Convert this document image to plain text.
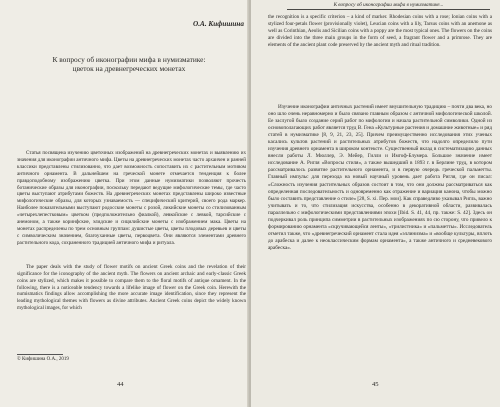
О.А. Кифишина
К вопросу об иконографии мифа в нумизматике:
цветок на древнегреческих монетах

Статья посвящена изучению цветочных изображений на древнегреческих монетах и выявлению их значения для иконографии античного мифа. Цветы на древнегреческих монетах часто архаичен и ранней классики представлены стилизованно, что дает возможность сопоставить их с растительным мотивом античного орнамента. В дальнейшем на греческой монете отмечается тенденция к более правдоподобному изображению цветка. При этом данные нумизматики позволяют прочесть ботанические образы для иконографии, поскольку передают ведущие мифологические темы, где часто цветы выступают атрибутами божеств. На древнегреческих монетах представлены широко известные мифологические образы, для которых узнаваемость — специфический критерий, своего рода маркер. Наиболее показательными выступают родосские монеты с розой, ликийские монеты со стилизованным «четырехлепестковым» цветком (предположительно фиалкой), левкойские с левкой, тарсийские с анемоном, а также коринфские, элидские и сицилийские монеты с изображением мака. Цветы на монетах распределены по трем основным группам: душистые цветы, цветы плодовых деревьев и цветы с символическим значением, благоуханные цветы, первоцвета. Они являются элементами древнего растительного кода, сохраненного традицией античного мифа и ритуала.

The paper deals with the study of flower motifs on ancient Greek coins and the revelation of their significance for the iconography of the ancient myth. The flowers on ancient archaic and early-classic Greek coins are stylized, which makes it possible to compare them to the floral motifs of antique ornament. In the following, there is a noticeable tendency towards a lifelike image of flower on the Greek coin. Herewith the numismatics findings allow accomplishing the more accurate image identification, since they represent the leading mythological themes with flowers as divine attributes. Ancient Greek coins depict the widely known mythological images, for which

© Кифишина О.А., 2019
44
К вопросу об иконографии мифа в нумизматике...

the recognition is a specific criterion – a kind of marker. Rhodesian coins with a rose; Ionian coins with a stylized four-petals flower (provisionally violet), Leucian coins with a lily, Tarsus coins with an anemone as well as Corinthian, Aeolis and Sicilian coins with a poppy are the most typical ones. The flowers on the coins are divided into the three main groups in the form of seed, a fragrant flower and a primrose. They are elements of the ancient plant code preserved by the ancient myth and ritual tradition.

Изучение иконографии античных растений имеет внушительную традицию – почти два века, но оно шло очень неравномерно и было связано главным образом с античной мифологической школой. Ее заслугой было создание серий работ по мифологии и начала растительной символики. Одной из основополагающих работ является труд В. Гена «Культурные растения и домашние животные» и ряд статей в нумизматике [8, 9, 21, 23, 25]. Причем преимущественно исследования этих ученых касались культов растений и растительных атрибутов божеств, что надолго определило пути изучения древнего орнамента в широком контексте. Существенный вклад в систематизацию данных внесли работы Л. Мюллер, Э. Мейер, Гилли и Имгоф-Блумера. Большое значение имеет исследование А. Ригля «Вопросы стиля», а также вышедший в 1893 г. в Берлине труд, в котором рассматривалось развитие растительного орнамента, и в первую очередь греческой пальметты. Главный импульс для перехода на новый научный уровень дает работа Ригля, где он писал: «Сложность изучения растительных образов состоит в том, что они должны рассматриваться как определенная последовательность и одновременно как отражение и вариация канона, чтобы можно было составить представление о стиле» [28, S. xi. Пер. мои]. Как справедливо указывал Ригль, важно учитывать и то, что стилизация искусства, особенно в декоративной области, развивалась параллельно с мифологическими представлениями эпохи [Ibid. S. 41, 44, пр. также: S. 42]. Здесь он подчеркивал роль принципа симметрии в растительных изображениях по сю сторону, что привело к формированию орнамента «скручивающейся ленты», «трилистника» и «пальметты». Исследователь отметил также, что «древнегреческий орнамент стала идея «эллинизма» и «вообще культуры, вплоть до арабеска и далее к неоклассическим формам орнамента», а также античного и средневекового арабеска».

45
